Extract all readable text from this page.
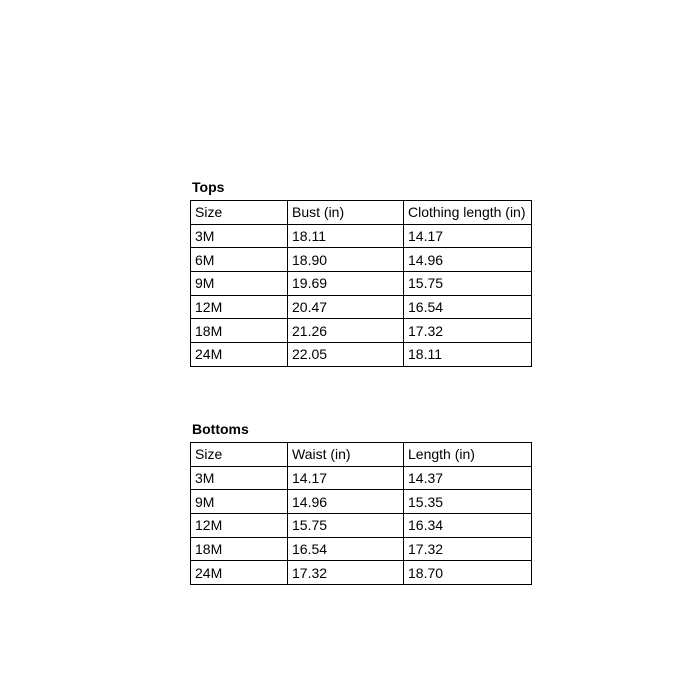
Tops
Size	Bust (in)	Clothing length (in)
3M	18.11	14.17
6M	18.90	14.96
9M	19.69	15.75
12M	20.47	16.54
18M	21.26	17.32
24M	22.05	18.11
Bottoms
Size	Waist (in)	Length (in)
3M	14.17	14.37
9M	14.96	15.35
12M	15.75	16.34
18M	16.54	17.32
24M	17.32	18.70
